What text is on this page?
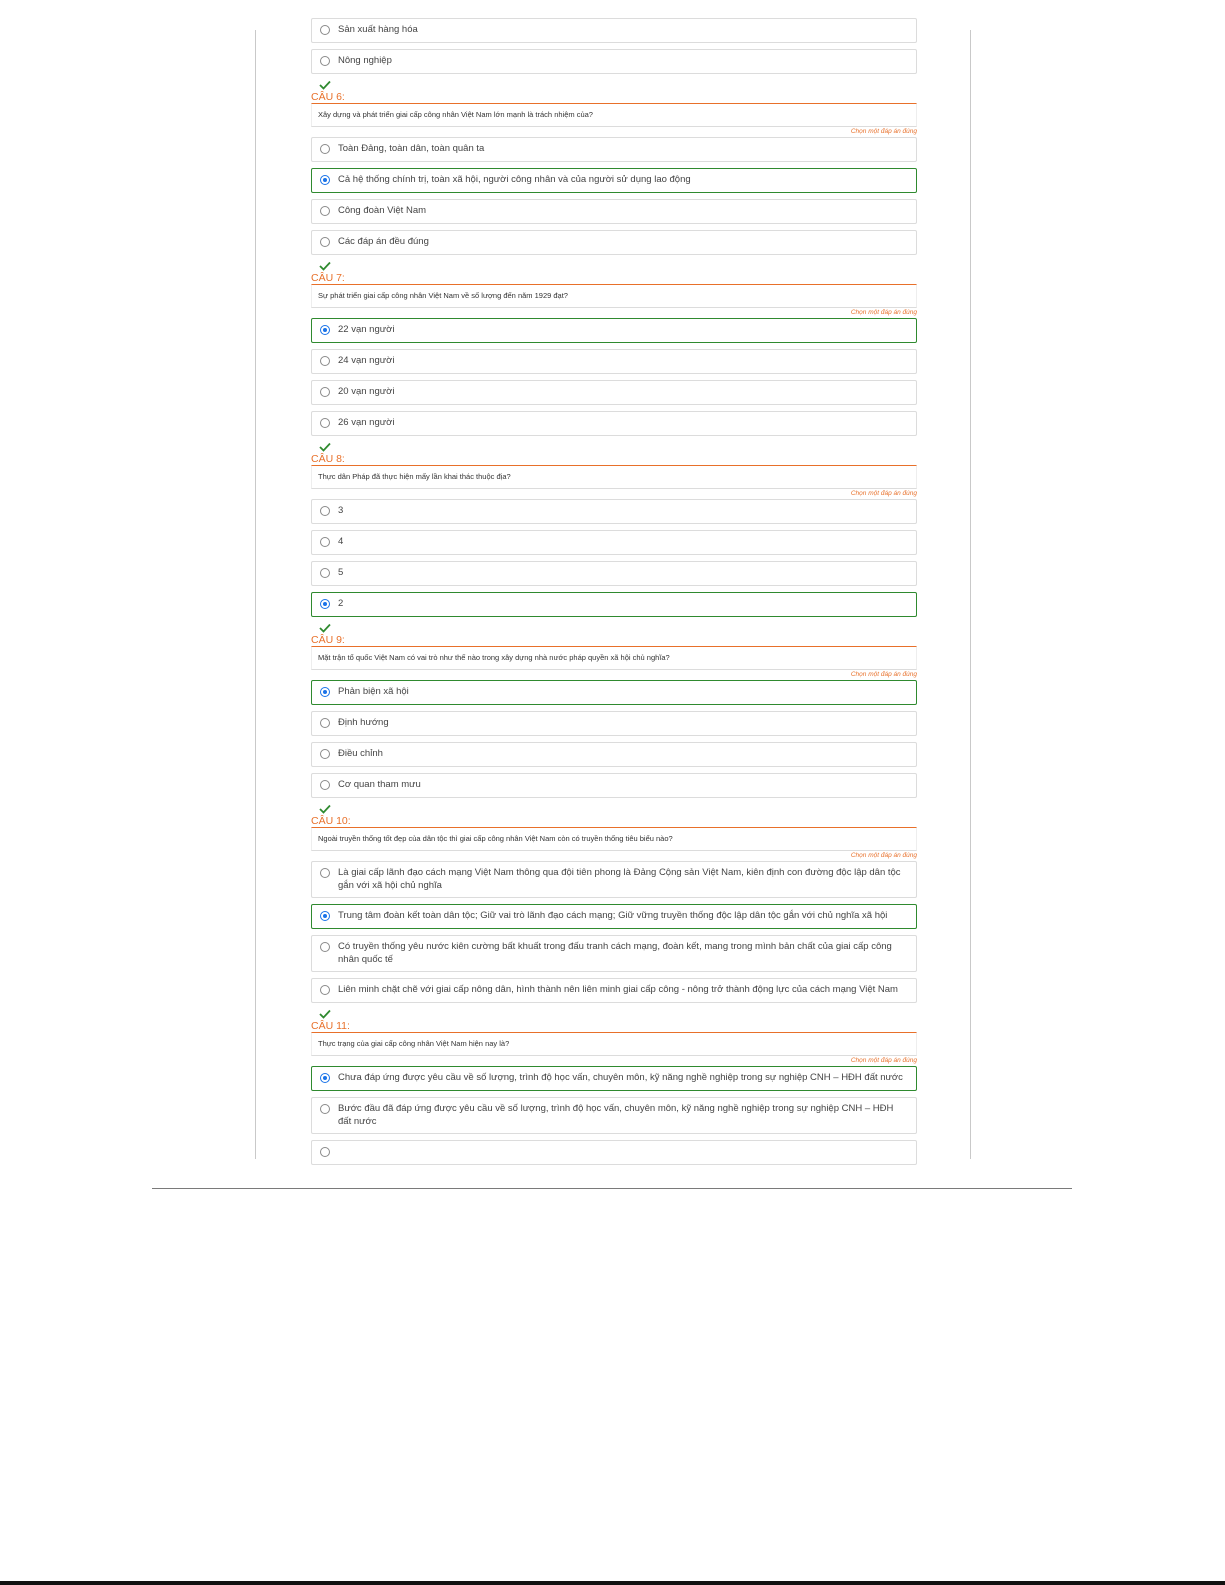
Sản xuất hàng hóa
Nông nghiệp
CÂU 6:
Xây dựng và phát triển giai cấp công nhân Việt Nam lớn mạnh là trách nhiệm của?
Chọn một đáp án đúng
Toàn Đảng, toàn dân, toàn quân ta
Cả hệ thống chính trị, toàn xã hội, người công nhân và của người sử dụng lao động
Công đoàn Việt Nam
Các đáp án đều đúng
CÂU 7:
Sự phát triển giai cấp công nhân Việt Nam về số lượng đến năm 1929 đạt?
Chọn một đáp án đúng
22 vạn người
24 vạn người
20 vạn người
26 vạn người
CÂU 8:
Thực dân Pháp đã thực hiện mấy lần khai thác thuộc địa?
Chọn một đáp án đúng
3
4
5
2
CÂU 9:
Mặt trận tổ quốc Việt Nam có vai trò như thế nào trong xây dựng nhà nước pháp quyền xã hội chủ nghĩa?
Chọn một đáp án đúng
Phản biện xã hội
Định hướng
Điều chỉnh
Cơ quan tham mưu
CÂU 10:
Ngoài truyền thống tốt đẹp của dân tộc thì giai cấp công nhân Việt Nam còn có truyền thống tiêu biểu nào?
Chọn một đáp án đúng
Là giai cấp lãnh đạo cách mạng Việt Nam thông qua đội tiên phong là Đảng Cộng sản Việt Nam, kiên định con đường độc lập dân tộc gắn với xã hội chủ nghĩa
Trung tâm đoàn kết toàn dân tộc; Giữ vai trò lãnh đạo cách mạng; Giữ vững truyền thống độc lập dân tộc gắn với chủ nghĩa xã hội
Có truyền thống yêu nước kiên cường bất khuất trong đấu tranh cách mạng, đoàn kết, mang trong mình bản chất của giai cấp công nhân quốc tế
Liên minh chặt chẽ với giai cấp nông dân, hình thành nên liên minh giai cấp công - nông trở thành động lực của cách mạng Việt Nam
CÂU 11:
Thực trạng của giai cấp công nhân Việt Nam hiện nay là?
Chọn một đáp án đúng
Chưa đáp ứng được yêu cầu về số lượng, trình độ học vấn, chuyên môn, kỹ năng nghề nghiệp trong sự nghiệp CNH – HĐH đất nước
Bước đầu đã đáp ứng được yêu cầu về số lượng, trình độ học vấn, chuyên môn, kỹ năng nghề nghiệp trong sự nghiệp CNH – HĐH đất nước
